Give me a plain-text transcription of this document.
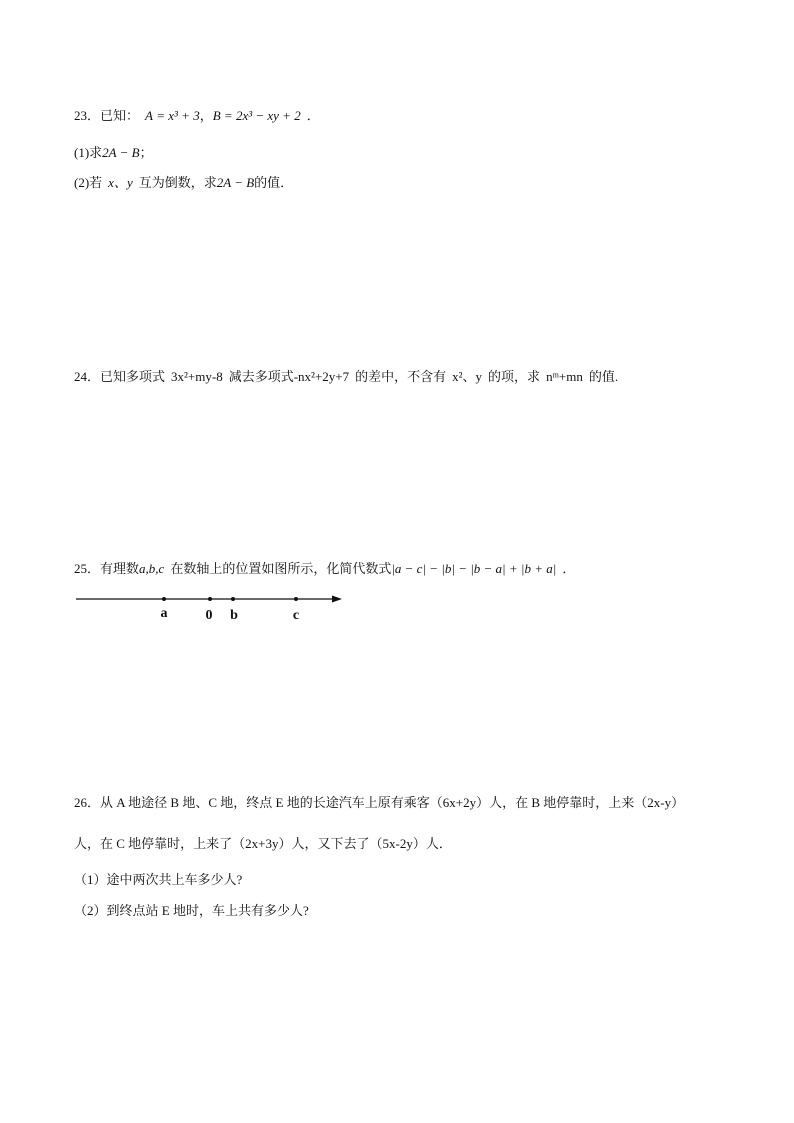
23．已知： A = x³ + 3，B = 2x³ − xy + 2 ．
(1)求2A − B；
(2)若 x、y 互为倒数，求2A − B的值．
24．已知多项式 3x²+my-8 减去多项式-nx²+2y+7 的差中，不含有 x²、y 的项，求 nᵐ+mn 的值.
25．有理数a,b,c 在数轴上的位置如图所示，化简代数式|a − c| − |b| − |b − a| + |b + a| ．
a	0 b	c
26．从 A 地途径 B 地、C 地，终点 E 地的长途汽车上原有乘客（6x+2y）人，在 B 地停靠时，上来（2x-y）
人，在 C 地停靠时，上来了（2x+3y）人，又下去了（5x-2y）人．
（1）途中两次共上车多少人?
（2）到终点站 E 地时，车上共有多少人?
